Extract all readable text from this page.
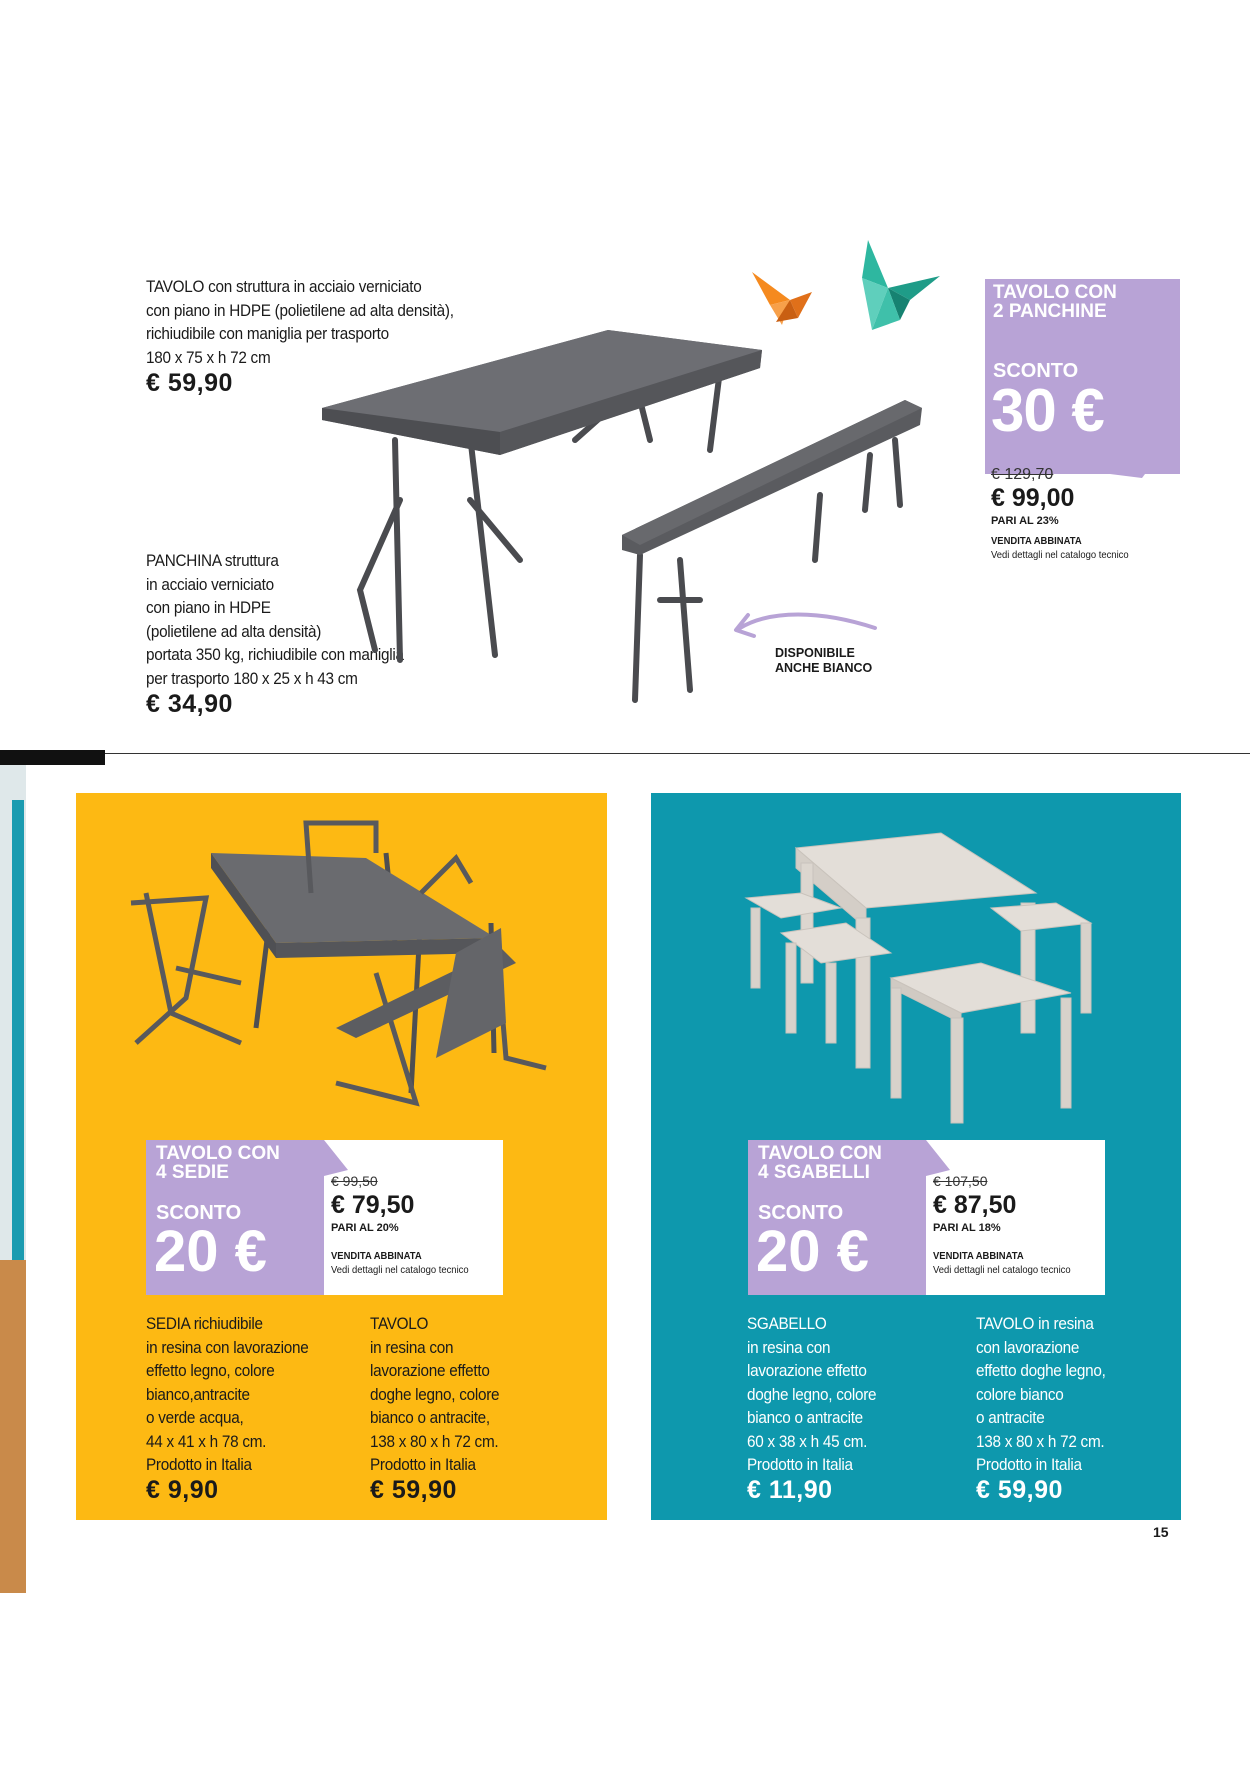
TAVOLO con struttura in acciaio verniciato
con piano in HDPE (polietilene ad alta densità),
richiudibile con maniglia per trasporto
180 x 75 x h 72 cm
€ 59,90
PANCHINA struttura
in acciaio verniciato
con piano in HDPE
(polietilene ad alta densità)
portata 350 kg, richiudibile con maniglia
per trasporto 180 x 25 x h 43 cm
€ 34,90
DISPONIBILE
ANCHE BIANCO
TAVOLO CON
2 PANCHINE
SCONTO
30 €
€ 129,70
€ 99,00
PARI AL 23%
VENDITA ABBINATA
Vedi dettagli nel catalogo tecnico
TAVOLO CON
4 SEDIE
SCONTO
20 €
€ 99,50
€ 79,50
PARI AL 20%
VENDITA ABBINATA
Vedi dettagli nel catalogo tecnico
SEDIA richiudibile
in resina con lavorazione
effetto legno, colore
bianco,antracite
o verde acqua,
44 x 41 x h 78 cm.
Prodotto in Italia
€ 9,90
TAVOLO
in resina con
lavorazione effetto
doghe legno, colore
bianco o antracite,
138 x 80 x h 72 cm.
Prodotto in Italia
€ 59,90
TAVOLO CON
4 SGABELLI
SCONTO
20 €
€ 107,50
€ 87,50
PARI AL 18%
VENDITA ABBINATA
Vedi dettagli nel catalogo tecnico
SGABELLO
in resina con
lavorazione effetto
doghe legno, colore
bianco o antracite
60 x 38 x h 45 cm.
Prodotto in Italia
€ 11,90
TAVOLO in resina
con lavorazione
effetto doghe legno,
colore bianco
o antracite
138 x 80 x h 72 cm.
Prodotto in Italia
€ 59,90
15
